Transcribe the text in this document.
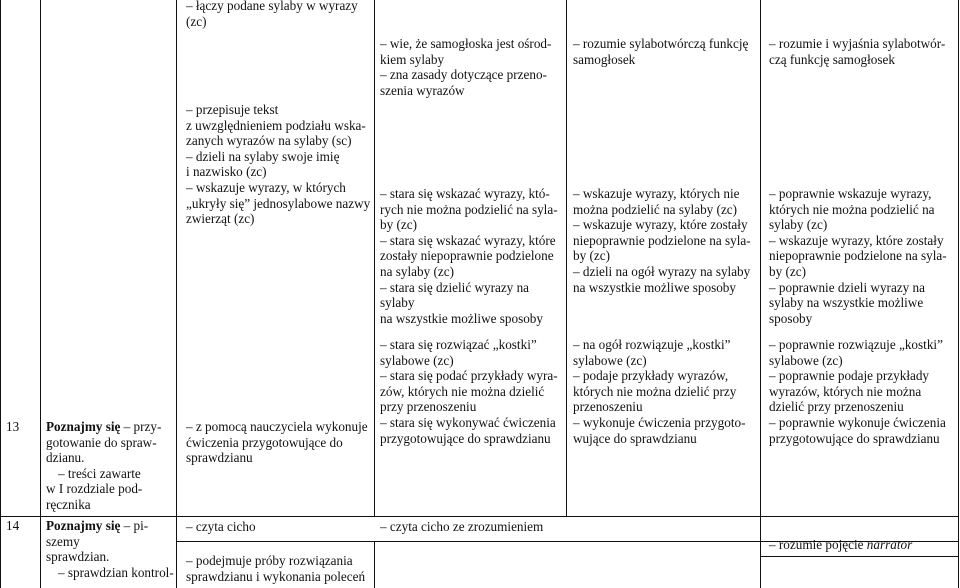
13 Poznajmy się – przy-
gotowanie do spraw-
dzianu.
– treści zawarte
w I rozdziale pod-
ręcznika

– łączy podane sylaby w wyrazy

(zc)

– przepisuje tekst

z uwzględnieniem podziału wska-

zanych wyrazów na sylaby (sc)

– dzieli na sylaby swoje imię

i nazwisko (zc)

– wskazuje wyrazy, w których

„ukryły się” jednosylabowe nazwy

zwierząt (zc)

– z pomocą nauczyciela wykonuje

ćwiczenia przygotowujące do

sprawdzianu

– wie, że samogłoska jest ośrod-

kiem sylaby

– zna zasady dotyczące przeno-

szenia wyrazów

– stara się wskazać wyrazy, któ-

rych nie można podzielić na syla-

by (zc)

– stara się wskazać wyrazy, które

zostały niepoprawnie podzielone

na sylaby (zc)

– stara się dzielić wyrazy na sylaby

na wszystkie możliwe sposoby

– stara się rozwiązać „kostki”

sylabowe (zc)

– stara się podać przykłady wyra-

zów, których nie można dzielić

przy przenoszeniu

– stara się wykonywać ćwiczenia

przygotowujące do sprawdzianu

– rozumie sylabotwórczą funkcję

samogłosek

– wskazuje wyrazy, których nie

można podzielić na sylaby (zc)

– wskazuje wyrazy, które zostały

niepoprawnie podzielone na syla-

by (zc)

– dzieli na ogół wyrazy na sylaby

na wszystkie możliwe sposoby

– na ogół rozwiązuje „kostki”

sylabowe (zc)

– podaje przykłady wyrazów,

których nie można dzielić przy

przenoszeniu

– wykonuje ćwiczenia przygoto-

wujące do sprawdzianu

– rozumie i wyjaśnia sylabotwór-

czą funkcję samogłosek

– poprawnie wskazuje wyrazy,

których nie można podzielić na

sylaby (zc)

– wskazuje wyrazy, które zostały

niepoprawnie podzielone na syla-

by (zc)

– poprawnie dzieli wyrazy na

sylaby na wszystkie możliwe

sposoby

– poprawnie rozwiązuje „kostki”

sylabowe (zc)

– poprawnie podaje przykłady

wyrazów, których nie można

dzielić przy przenoszeniu

– poprawnie wykonuje ćwiczenia

przygotowujące do sprawdzianu

14 Poznajmy się – pi-
szemy
sprawdzian.
– sprawdzian kontrol-

– czyta cicho	– czyta cicho ze zrozumieniem

– rozumie pojęcie narrator

– podejmuje próby rozwiązania

sprawdzianu i wykonania poleceń
